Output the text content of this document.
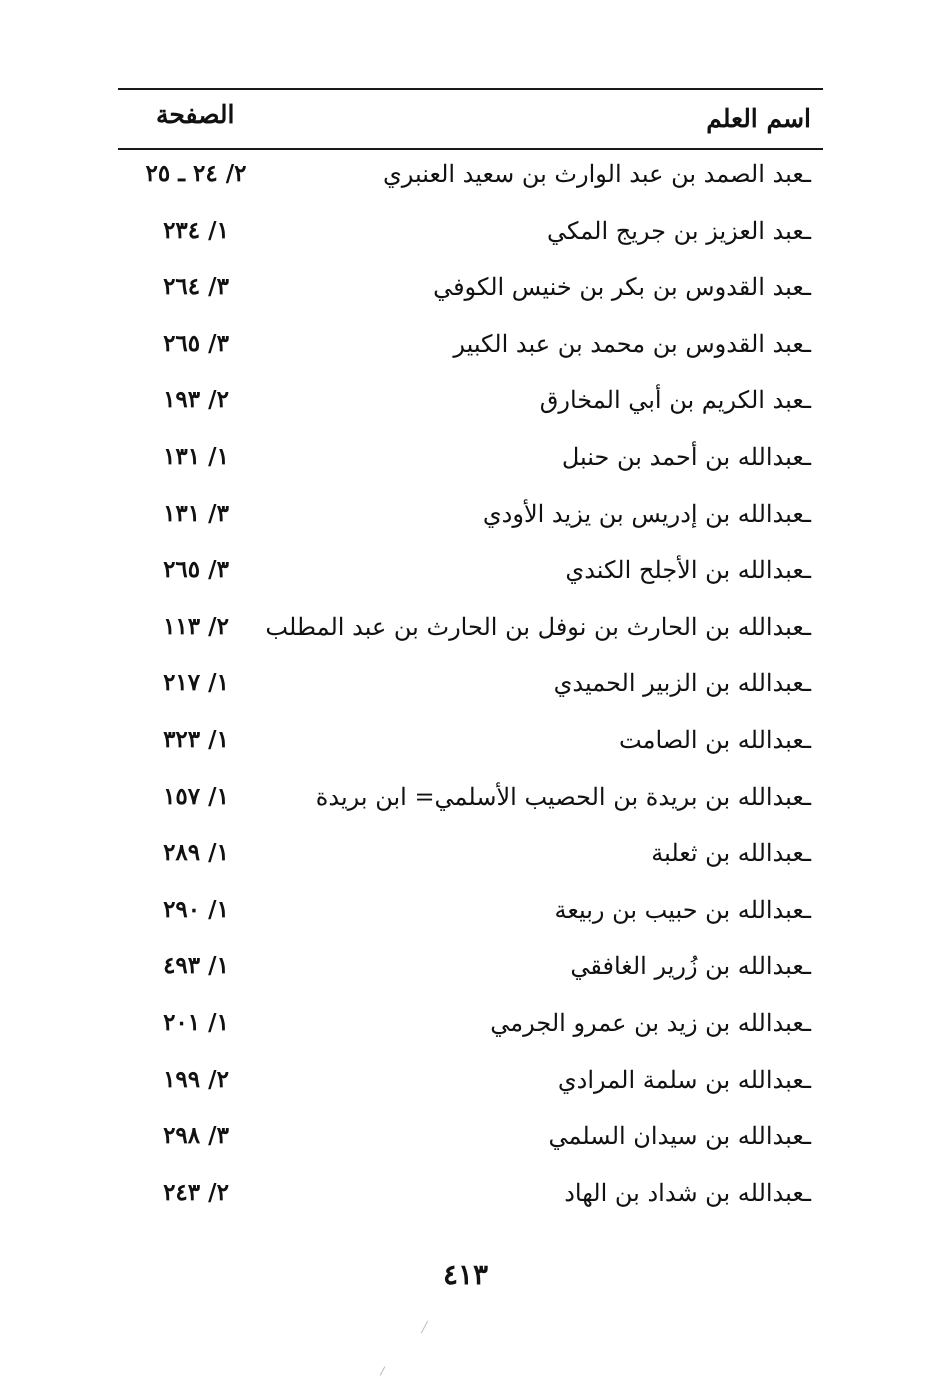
اسم العلم
الصفحة
ـعبد الصمد بن عبد الوارث بن سعيد العنبري
٢/ ٢٤ ـ ٢٥
ـعبد العزيز بن جريج المكي
١/ ٢٣٤
ـعبد القدوس بن بكر بن خنيس الكوفي
٣/ ٢٦٤
ـعبد القدوس بن محمد بن عبد الكبير
٣/ ٢٦٥
ـعبد الكريم بن أبي المخارق
٢/ ١٩٣
ـعبدالله بن أحمد بن حنبل
١/ ١٣١
ـعبدالله بن إدريس بن يزيد الأودي
٣/ ١٣١
ـعبدالله بن الأجلح الكندي
٣/ ٢٦٥
ـعبدالله بن الحارث بن نوفل بن الحارث بن عبد المطلب
٢/ ١١٣
ـعبدالله بن الزبير الحميدي
١/ ٢١٧
ـعبدالله بن الصامت
١/ ٣٢٣
ـعبدالله بن بريدة بن الحصيب الأسلمي= ابن بريدة
١/ ١٥٧
ـعبدالله بن ثعلبة
١/ ٢٨٩
ـعبدالله بن حبيب بن ربيعة
١/ ٢٩٠
ـعبدالله بن زُرير الغافقي
١/ ٤٩٣
ـعبدالله بن زيد بن عمرو الجرمي
١/ ٢٠١
ـعبدالله بن سلمة المرادي
٢/ ١٩٩
ـعبدالله بن سيدان السلمي
٣/ ٢٩٨
ـعبدالله بن شداد بن الهاد
٢/ ٢٤٣
٤١٣
